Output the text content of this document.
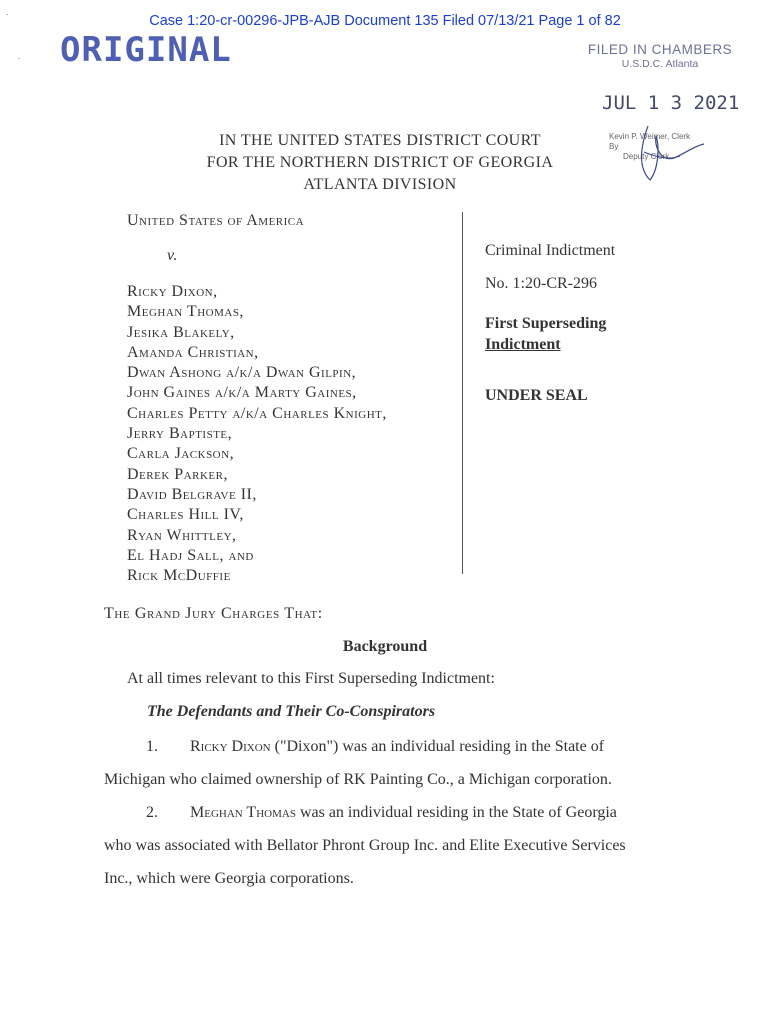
Case 1:20-cr-00296-JPB-AJB Document 135 Filed 07/13/21 Page 1 of 82
ORIGINAL	FILED IN CHAMBERS
U.S.D.C. Atlanta
JUL 1 3 2021
Kevin P. Weimer, Clerk
By
Deputy Clerk
IN THE UNITED STATES DISTRICT COURT
FOR THE NORTHERN DISTRICT OF GEORGIA
ATLANTA DIVISION
United States of America
v.
Ricky Dixon,
Meghan Thomas,
Jesika Blakely,
Amanda Christian,
Dwan Ashong a/k/a Dwan Gilpin,
John Gaines a/k/a Marty Gaines,
Charles Petty a/k/a Charles Knight,
Jerry Baptiste,
Carla Jackson,
Derek Parker,
David Belgrave II,
Charles Hill IV,
Ryan Whittley,
El Hadj Sall, and
Rick McDuffie
Criminal Indictment
No. 1:20-CR-296
First Superseding
Indictment
UNDER SEAL
The Grand Jury Charges That:
Background
At all times relevant to this First Superseding Indictment:
The Defendants and Their Co-Conspirators
1. Ricky Dixon ("Dixon") was an individual residing in the State of
Michigan who claimed ownership of RK Painting Co., a Michigan corporation.
2. Meghan Thomas was an individual residing in the State of Georgia
who was associated with Bellator Phront Group Inc. and Elite Executive Services
Inc., which were Georgia corporations.
